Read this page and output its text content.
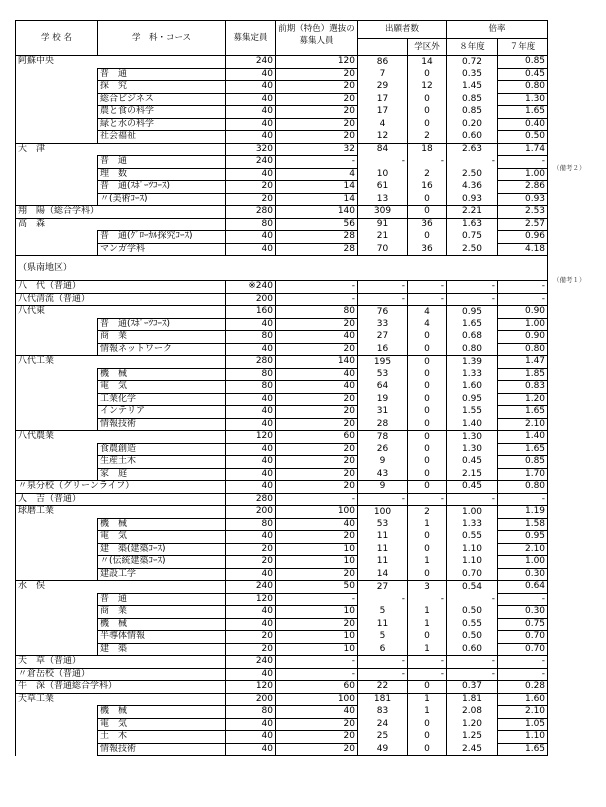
学 校 名	学　科・コース	募集定員	前期（特色）選抜の募集人員	出願者数		倍率	
					学区外	８年度	７年度
阿蘇中央		240	120	86	14	0.72	0.85
	普　通	40	20	7	0	0.35	0.45
	探　究	40	20	29	12	1.45	0.80
	総合ビジネス	40	20	17	0	0.85	1.30
	農と食の科学	40	20	17	0	0.85	1.65
	緑と水の科学	40	20	4	0	0.20	0.40
	社会福祉	40	20	12	2	0.60	0.50
大　津		320	32	84	18	2.63	1.74
	普　通	240	-	-	-	-	-
	理　数	40	4	10	2	2.50	1.00
	普　通(ｽﾎﾟｰﾂｺｰｽ)	20	14	61	16	4.36	2.86
	〃(美術ｺｰｽ)	20	14	13	0	0.93	0.93
翔　陽（総合学科）		280	140	309	0	2.21	2.53
高　森		80	56	91	36	1.63	2.57
	普　通(ｸﾞﾛｰｶﾙ探究ｺｰｽ)	40	28	21	0	0.75	0.96
	マンガ学科	40	28	70	36	2.50	4.18
（県南地区）							
八　代（普通）		※240	-	-	-	-	-
八代清流（普通）		200	-	-	-	-	-
八代東		160	80	76	4	0.95	0.90
	普　通(ｽﾎﾟｰﾂｺｰｽ)	40	20	33	4	1.65	1.00
	商　業	80	40	27	0	0.68	0.90
	情報ネットワーク	40	20	16	0	0.80	0.80
八代工業		280	140	195	0	1.39	1.47
	機　械	80	40	53	0	1.33	1.85
	電　気	80	40	64	0	1.60	0.83
	工業化学	40	20	19	0	0.95	1.20
	インテリア	40	20	31	0	1.55	1.65
	情報技術	40	20	28	0	1.40	2.10
八代農業		120	60	78	0	1.30	1.40
	食農創造	40	20	26	0	1.30	1.65
	生産土木	40	20	9	0	0.45	0.85
	家　庭	40	20	43	0	2.15	1.70
〃泉分校（グリーンライフ）		40	20	9	0	0.45	0.80
人　吉（普通）		280	-	-	-	-	-
球磨工業		200	100	100	2	1.00	1.19
	機　械	80	40	53	1	1.33	1.58
	電　気	40	20	11	0	0.55	0.95
	建　築(建築ｺｰｽ)	20	10	11	0	1.10	2.10
	〃(伝統建築ｺｰｽ)	20	10	11	1	1.10	1.00
	建設工学	40	20	14	0	0.70	0.30
水　俣		240	50	27	3	0.54	0.64
	普　通	120	-	-	-	-	-
	商　業	40	10	5	1	0.50	0.30
	機　械	40	20	11	1	0.55	0.75
	半導体情報	20	10	5	0	0.50	0.70
	建　築	20	10	6	1	0.60	0.70
天　草（普通）		240	-	-	-	-	-
〃倉岳校（普通）		40	-	-	-	-	-
牛　深（普通総合学科）		120	60	22	0	0.37	0.28
天草工業		200	100	181	1	1.81	1.60
	機　械	80	40	83	1	2.08	2.10
	電　気	40	20	24	0	1.20	1.05
	土　木	40	20	25	0	1.25	1.10
	情報技術	40	20	49	0	2.45	1.65
（備考２）
（備考１）
